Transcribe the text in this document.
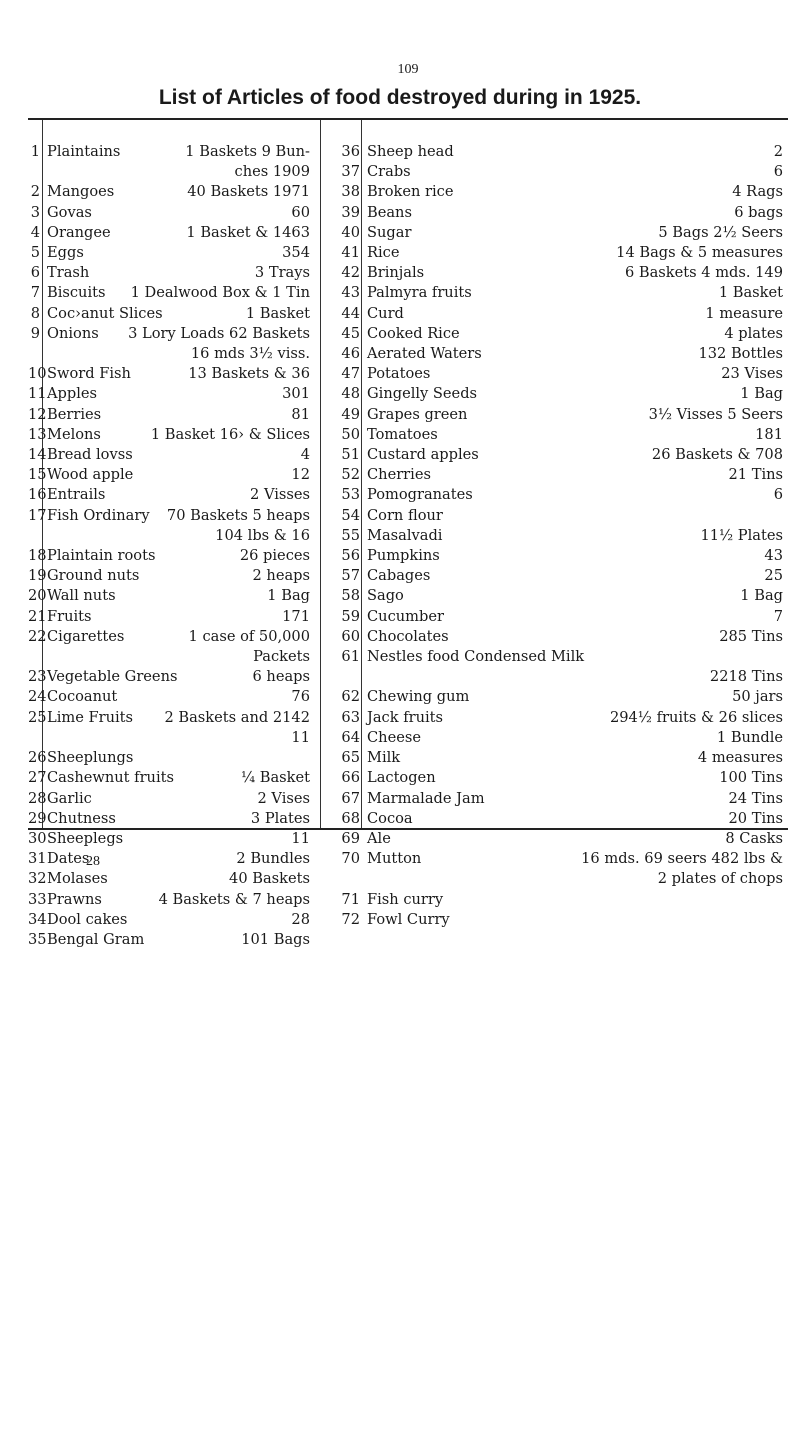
109
List of Articles of food destroyed during in 1925.
1 Plaintains	1 Baskets 9 Bun-
ches 1909
2 Mangoes	40 Baskets 1971
3 Govas	60
4 Orangee	1 Basket & 1463
5 Eggs	354
6 Trash	3 Trays
7 Biscuits	1 Dealwood Box & 1 Tin
8 Coc›anut Slices	1 Basket
9 Onions	3 Lory Loads 62 Baskets
16 mds 3½ viss.
10 Sword Fish	13 Baskets & 36
11 Apples	301
12 Berries	81
13 Melons	1 Basket 16› & Slices
14 Bread lovss	4
15 Wood apple	12
16 Entrails	2 Visses
17 Fish Ordinary	70 Baskets 5 heaps
104 lbs & 16
18 Plaintain roots	26 pieces
19 Ground nuts	2 heaps
20 Wall nuts	1 Bag
21 Fruits	171
22 Cigarettes	1 case of 50,000
Packets
23 Vegetable Greens	6 heaps
24 Cocoanut	76
25 Lime Fruits	2 Baskets and 2142
11
26 Sheeplungs
27 Cashewnut fruits	¼ Basket
28 Garlic	2 Vises
29 Chutness	3 Plates
30 Sheeplegs	11
31 Dates	2 Bundles
32 Molases	40 Baskets
33 Prawns	4 Baskets & 7 heaps
34 Dool cakes	28
35 Bengal Gram	101 Bags
36 Sheep head	2
37 Crabs	6
38 Broken rice	4 Rags
39 Beans	6 bags
40 Sugar	5 Bags 2½ Seers
41 Rice	14 Bags & 5 measures
42 Brinjals	6 Baskets 4 mds. 149
43 Palmyra fruits	1 Basket
44 Curd	1 measure
45 Cooked Rice	4 plates
46 Aerated Waters	132 Bottles
47 Potatoes	23 Vises
48 Gingelly Seeds	1 Bag
49 Grapes green	3½ Visses 5 Seers
50 Tomatoes	181
51 Custard apples	26 Baskets & 708
52 Cherries	21 Tins
53 Pomogranates	6
54 Corn flour
55 Masalvadi	11½ Plates
56 Pumpkins	43
57 Cabages	25
58 Sago	1 Bag
59 Cucumber	7
60 Chocolates	285 Tins
61 Nestles food Condensed Milk
2218 Tins
62 Chewing gum	50 jars
63 Jack fruits	294½ fruits & 26 slices
64 Cheese	1 Bundle
65 Milk	4 measures
66 Lactogen	100 Tins
67 Marmalade Jam	24 Tins
68 Cocoa	20 Tins
69 Ale	8 Casks
70 Mutton	16 mds. 69 seers 482 lbs &
2 plates of chops
71 Fish curry
72 Fowl Curry
28
